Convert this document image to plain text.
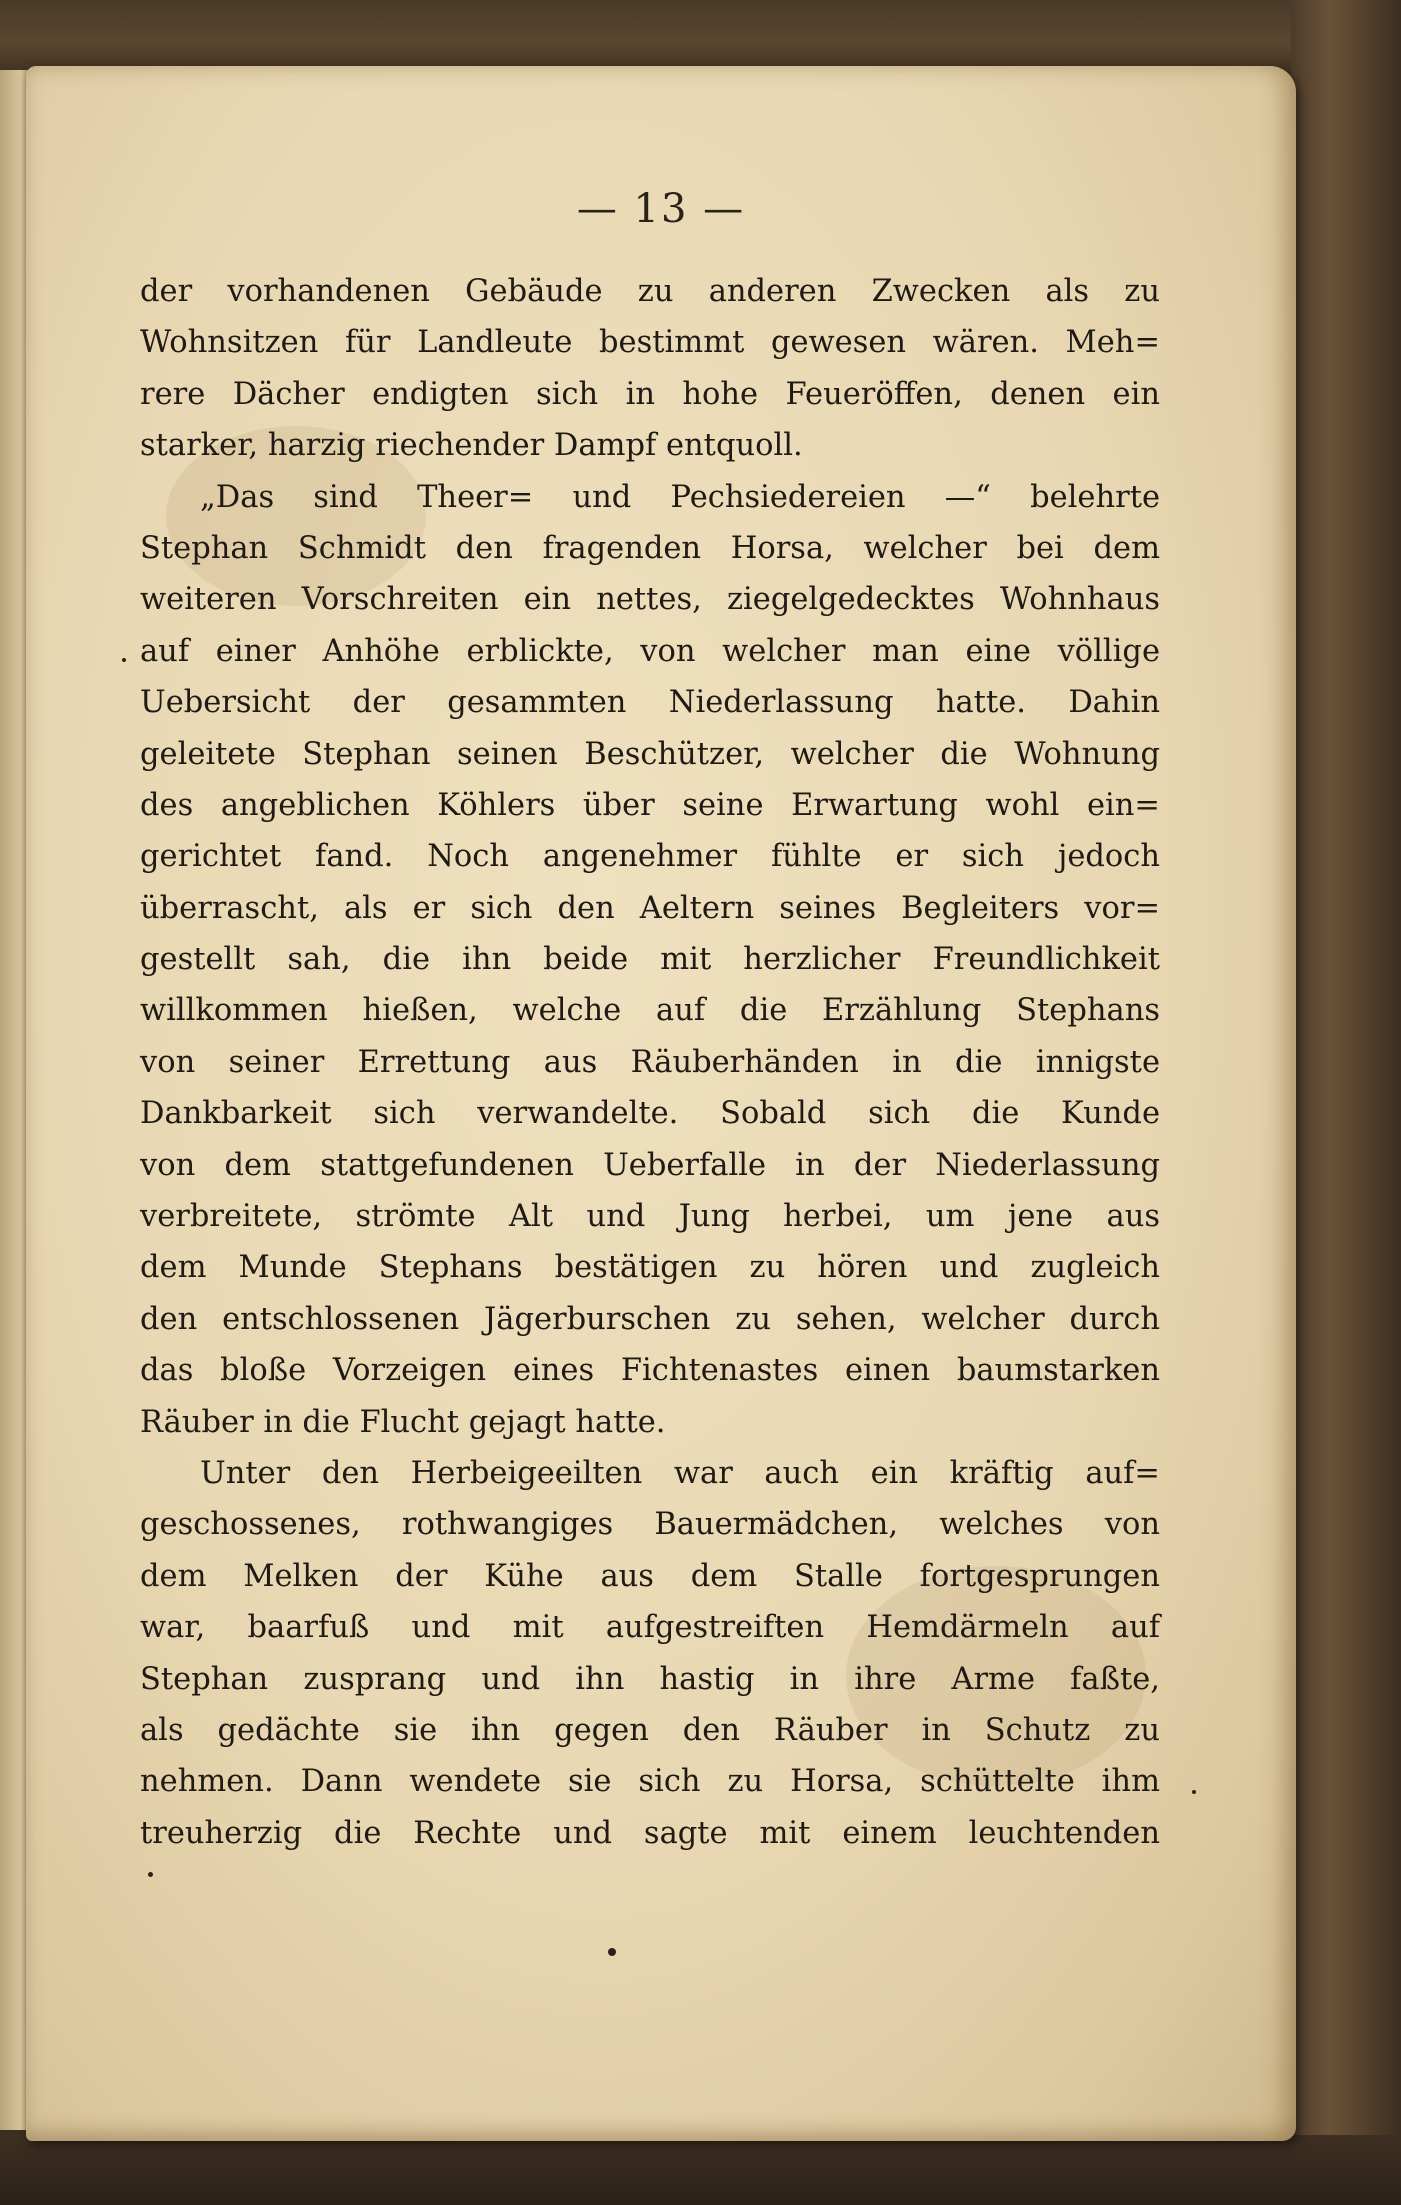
— 13 —
der vorhandenen Gebäude zu anderen Zwecken als zu
Wohnsitzen für Landleute bestimmt gewesen wären. Meh=
rere Dächer endigten sich in hohe Feueröffen, denen ein
starker, harzig riechender Dampf entquoll.
„Das sind Theer= und Pechsiedereien —“ belehrte
Stephan Schmidt den fragenden Horsa, welcher bei dem
weiteren Vorschreiten ein nettes, ziegelgedecktes Wohnhaus
auf einer Anhöhe erblickte, von welcher man eine völlige
Uebersicht der gesammten Niederlassung hatte. Dahin
geleitete Stephan seinen Beschützer, welcher die Wohnung
des angeblichen Köhlers über seine Erwartung wohl ein=
gerichtet fand. Noch angenehmer fühlte er sich jedoch
überrascht, als er sich den Aeltern seines Begleiters vor=
gestellt sah, die ihn beide mit herzlicher Freundlichkeit
willkommen hießen, welche auf die Erzählung Stephans
von seiner Errettung aus Räuberhänden in die innigste
Dankbarkeit sich verwandelte. Sobald sich die Kunde
von dem stattgefundenen Ueberfalle in der Niederlassung
verbreitete, strömte Alt und Jung herbei, um jene aus
dem Munde Stephans bestätigen zu hören und zugleich
den entschlossenen Jägerburschen zu sehen, welcher durch
das bloße Vorzeigen eines Fichtenastes einen baumstarken
Räuber in die Flucht gejagt hatte.
Unter den Herbeigeeilten war auch ein kräftig auf=
geschossenes, rothwangiges Bauermädchen, welches von
dem Melken der Kühe aus dem Stalle fortgesprungen
war, baarfuß und mit aufgestreiften Hemdärmeln auf
Stephan zusprang und ihn hastig in ihre Arme faßte,
als gedächte sie ihn gegen den Räuber in Schutz zu
nehmen. Dann wendete sie sich zu Horsa, schüttelte ihm
treuherzig die Rechte und sagte mit einem leuchtenden
